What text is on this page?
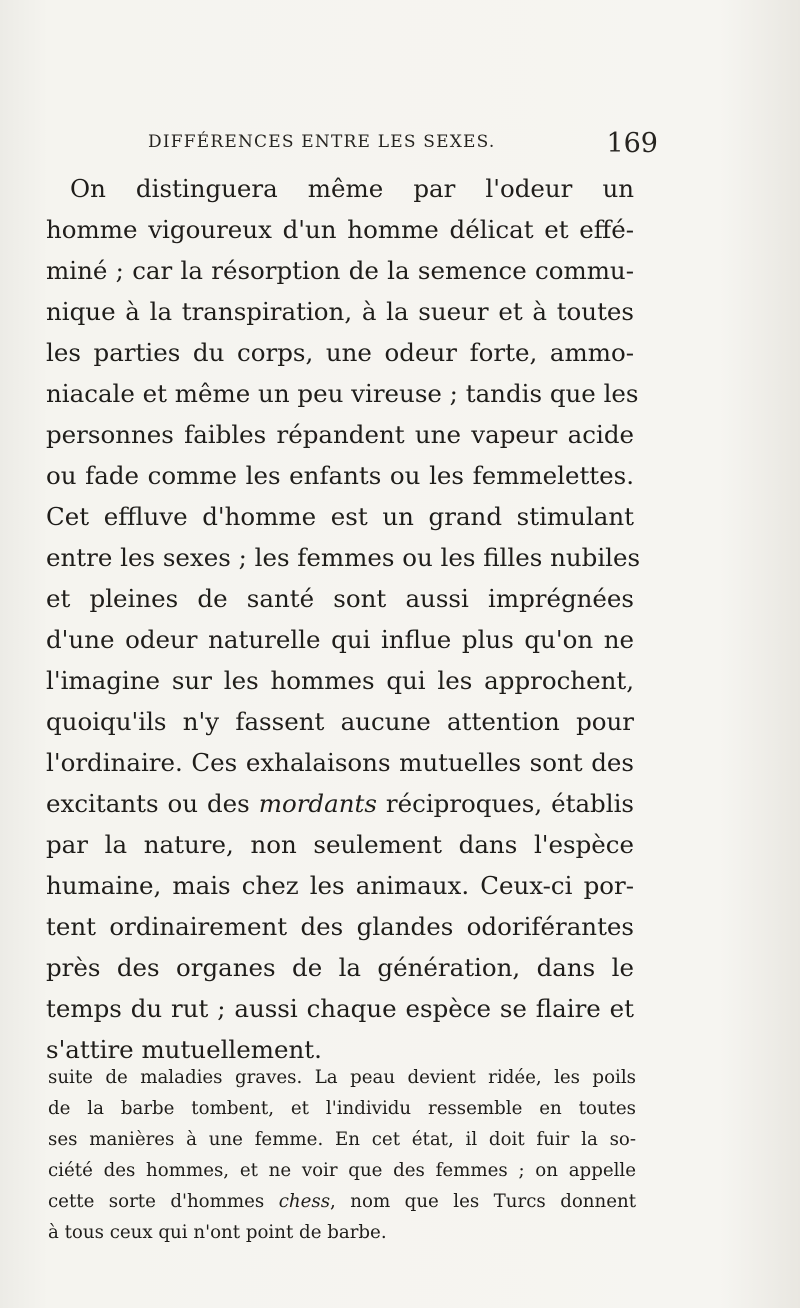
DIFFÉRENCES ENTRE LES SEXES.	169
On distinguera même par l'odeur un
homme vigoureux d'un homme délicat et effé-
miné ; car la résorption de la semence commu-
nique à la transpiration, à la sueur et à toutes
les parties du corps, une odeur forte, ammo-
niacale et même un peu vireuse ; tandis que les
personnes faibles répandent une vapeur acide
ou fade comme les enfants ou les femmelettes.
Cet effluve d'homme est un grand stimulant
entre les sexes ; les femmes ou les filles nubiles
et pleines de santé sont aussi imprégnées
d'une odeur naturelle qui influe plus qu'on ne
l'imagine sur les hommes qui les approchent,
quoiqu'ils n'y fassent aucune attention pour
l'ordinaire. Ces exhalaisons mutuelles sont des
excitants ou des mordants réciproques, établis
par la nature, non seulement dans l'espèce
humaine, mais chez les animaux. Ceux-ci por-
tent ordinairement des glandes odoriférantes
près des organes de la génération, dans le
temps du rut ; aussi chaque espèce se flaire et
s'attire mutuellement.
suite de maladies graves. La peau devient ridée, les poils
de la barbe tombent, et l'individu ressemble en toutes
ses manières à une femme. En cet état, il doit fuir la so-
ciété des hommes, et ne voir que des femmes ; on appelle
cette sorte d'hommes chess, nom que les Turcs donnent
à tous ceux qui n'ont point de barbe.
